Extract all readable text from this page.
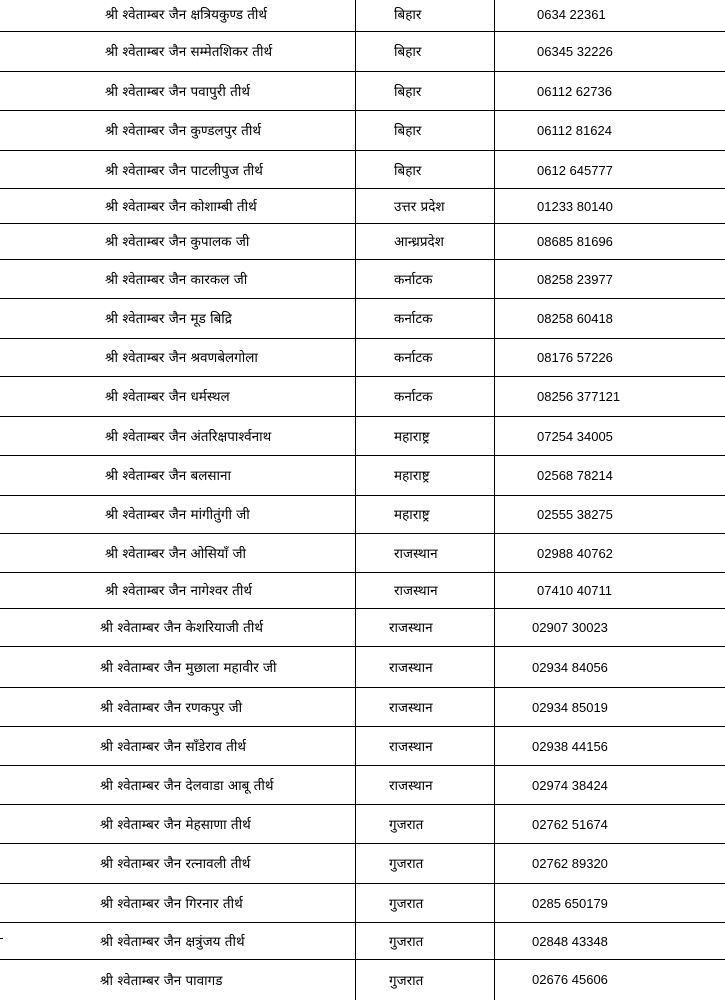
श्री श्वेताम्बर जैन क्षत्रियकुण्ड तीर्थ	बिहार	0634 22361
श्री श्वेताम्बर जैन सम्मेतशिकर तीर्थ	बिहार	06345 32226
श्री श्वेताम्बर जैन पवापुरी तीर्थ	बिहार	06112 62736
श्री श्वेताम्बर जैन कुण्डलपुर तीर्थ	बिहार	06112 81624
श्री श्वेताम्बर जैन पाटलीपुज तीर्थ	बिहार	0612 645777
श्री श्वेताम्बर जैन कोशाम्बी तीर्थ	उत्तर प्रदेश	01233 80140
श्री श्वेताम्बर जैन कुपालक जी	आन्ध्रप्रदेश	08685 81696
श्री श्वेताम्बर जैन कारकल जी	कर्नाटक	08258 23977
श्री श्वेताम्बर जैन मूड बिद्रि	कर्नाटक	08258 60418
श्री श्वेताम्बर जैन श्रवणबेलगोला	कर्नाटक	08176 57226
श्री श्वेताम्बर जैन धर्मस्थल	कर्नाटक	08256 377121
श्री श्वेताम्बर जैन अंतरिक्षपार्श्वनाथ	महाराष्ट्र	07254 34005
श्री श्वेताम्बर जैन बलसाना	महाराष्ट्र	02568 78214
श्री श्वेताम्बर जैन मांगीतुंगी जी	महाराष्ट्र	02555 38275
श्री श्वेताम्बर जैन ओसियाँ जी	राजस्थान	02988 40762
श्री श्वेताम्बर जैन नागेश्वर तीर्थ	राजस्थान	07410 40711
श्री श्वेताम्बर जैन केशरियाजी तीर्थ	राजस्थान	02907 30023
श्री श्वेताम्बर जैन मुछाला महावीर जी	राजस्थान	02934 84056
श्री श्वेताम्बर जैन रणकपुर जी	राजस्थान	02934 85019
श्री श्वेताम्बर जैन साँडेराव तीर्थ	राजस्थान	02938 44156
श्री श्वेताम्बर जैन देलवाडा आबू तीर्थ	राजस्थान	02974 38424
श्री श्वेताम्बर जैन मेहसाणा तीर्थ	गुजरात	02762 51674
श्री श्वेताम्बर जैन रत्नावली तीर्थ	गुजरात	02762 89320
श्री श्वेताम्बर जैन गिरनार तीर्थ	गुजरात	0285 650179
श्री श्वेताम्बर जैन क्षत्रुंजय तीर्थ	गुजरात	02848 43348
श्री श्वेताम्बर जैन पावागड	गुजरात	02676 45606
